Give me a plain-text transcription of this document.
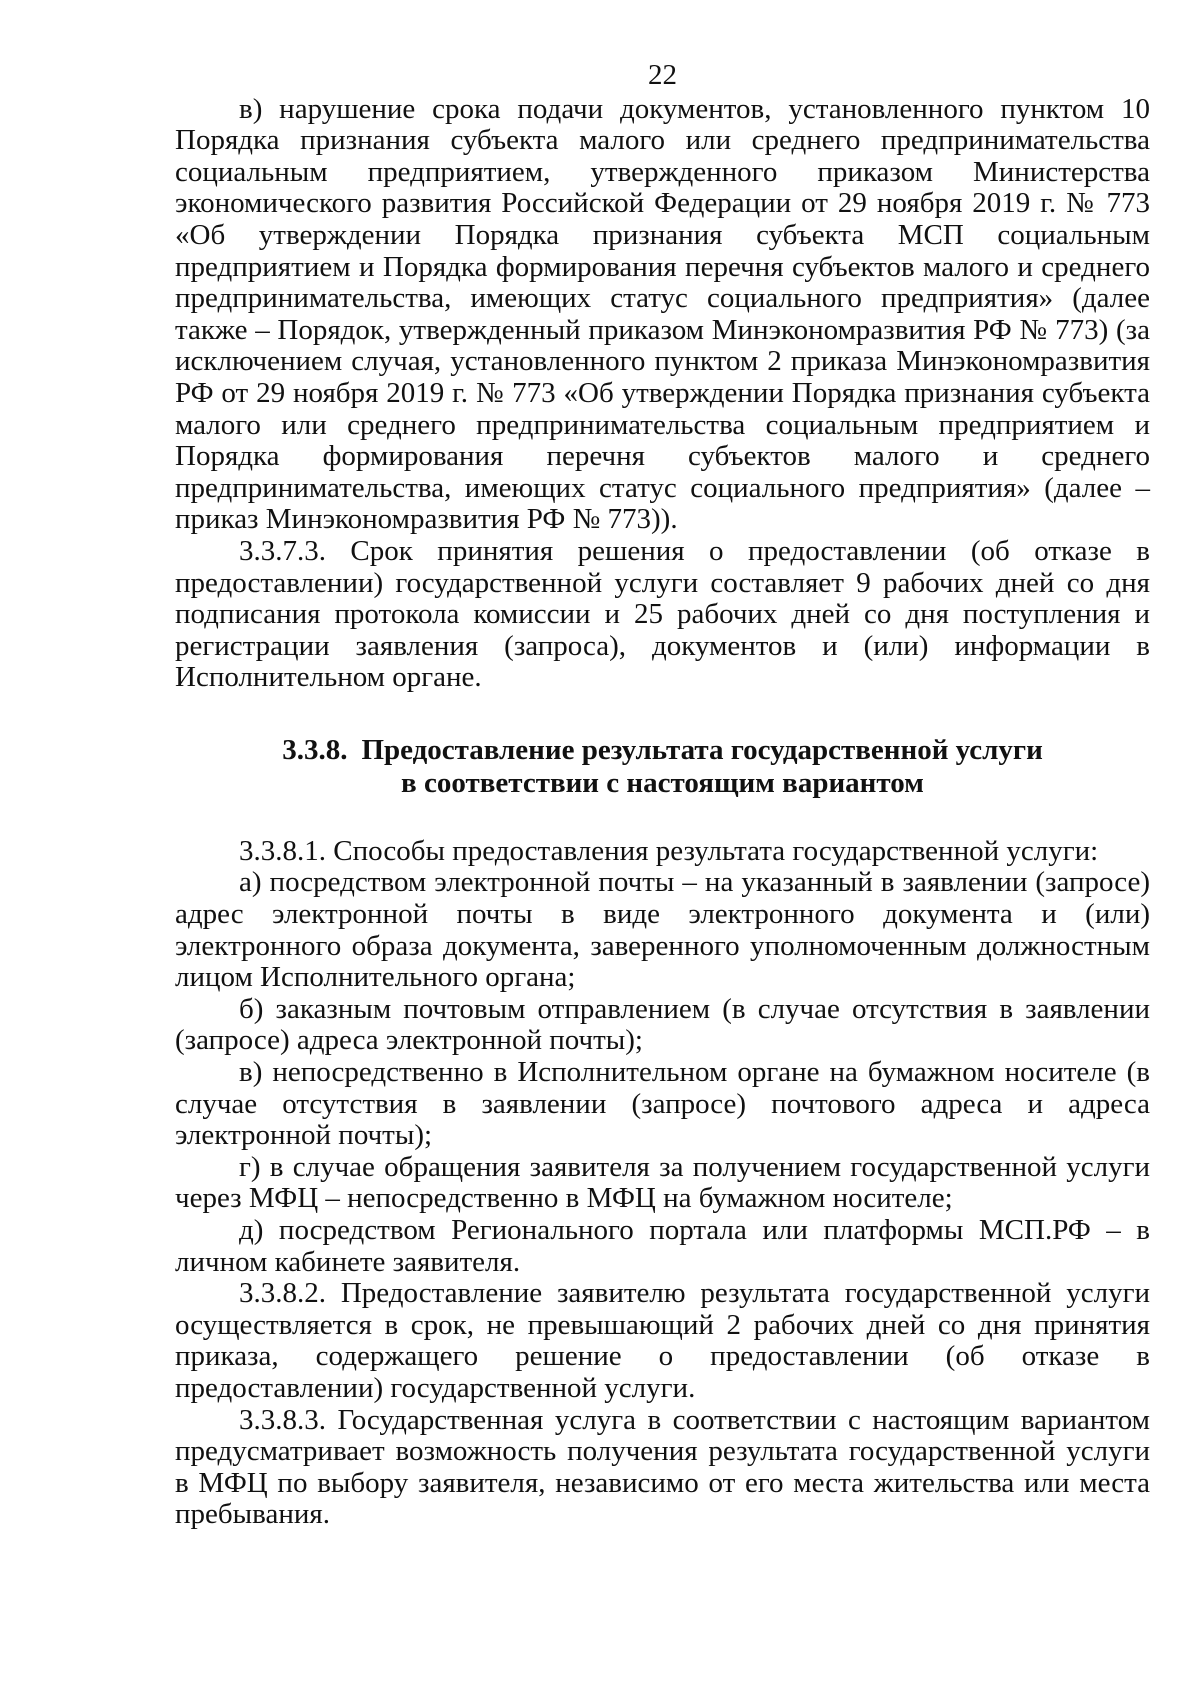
22

в) нарушение срока подачи документов, установленного пунктом 10 Порядка признания субъекта малого или среднего предпринимательства социальным предприятием, утвержденного приказом Министерства экономического развития Российской Федерации от 29 ноября 2019 г. № 773 «Об утверждении Порядка признания субъекта МСП социальным предприятием и Порядка формирования перечня субъектов малого и среднего предпринимательства, имеющих статус социального предприятия» (далее также – Порядок, утвержденный приказом Минэкономразвития РФ № 773) (за исключением случая, установленного пунктом 2 приказа Минэкономразвития РФ от 29 ноября 2019 г. № 773 «Об утверждении Порядка признания субъекта малого или среднего предпринимательства социальным предприятием и Порядка формирования перечня субъектов малого и среднего предпринимательства, имеющих статус социального предприятия» (далее – приказ Минэкономразвития РФ № 773)).

3.3.7.3. Срок принятия решения о предоставлении (об отказе в предоставлении) государственной услуги составляет 9 рабочих дней со дня подписания протокола комиссии и 25 рабочих дней со дня поступления и регистрации заявления (запроса), документов и (или) информации в Исполнительном органе.

3.3.8. Предоставление результата государственной услуги
в соответствии с настоящим вариантом

3.3.8.1. Способы предоставления результата государственной услуги:

а) посредством электронной почты – на указанный в заявлении (запросе) адрес электронной почты в виде электронного документа и (или) электронного образа документа, заверенного уполномоченным должностным лицом Исполнительного органа;

б) заказным почтовым отправлением (в случае отсутствия в заявлении (запросе) адреса электронной почты);

в) непосредственно в Исполнительном органе на бумажном носителе (в случае отсутствия в заявлении (запросе) почтового адреса и адреса электронной почты);

г) в случае обращения заявителя за получением государственной услуги через МФЦ – непосредственно в МФЦ на бумажном носителе;

д) посредством Регионального портала или платформы МСП.РФ – в личном кабинете заявителя.

3.3.8.2. Предоставление заявителю результата государственной услуги осуществляется в срок, не превышающий 2 рабочих дней со дня принятия приказа, содержащего решение о предоставлении (об отказе в предоставлении) государственной услуги.

3.3.8.3. Государственная услуга в соответствии с настоящим вариантом предусматривает возможность получения результата государственной услуги в МФЦ по выбору заявителя, независимо от его места жительства или места пребывания.
